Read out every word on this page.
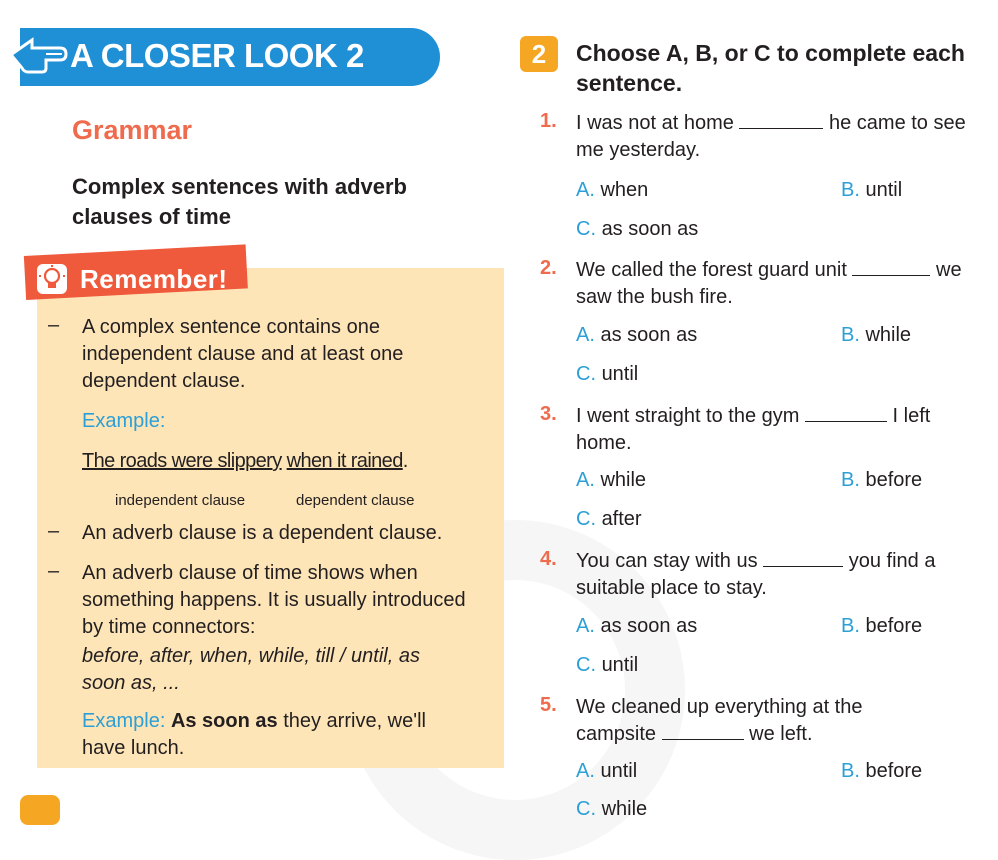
A CLOSER LOOK 2
Grammar
Complex sentences with adverb clauses of time
Remember!
– A complex sentence contains one independent clause and at least one dependent clause.
Example:
The roads were slippery when it rained.
independent clause	dependent clause
– An adverb clause is a dependent clause.
– An adverb clause of time shows when something happens. It is usually introduced by time connectors:
before, after, when, while, till / until, as soon as, ...
Example: As soon as they arrive, we'll have lunch.
2	Choose A, B, or C to complete each sentence.
1. I was not at home	he came to see me yesterday.
A. when	B. until
C. as soon as
2. We called the forest guard unit	we saw the bush fire.
A. as soon as	B. while
C. until
3. I went straight to the gym	I left home.
A. while	B. before
C. after
4. You can stay with us	you find a suitable place to stay.
A. as soon as	B. before
C. until
5. We cleaned up everything at the campsite	we left.
A. until	B. before
C. while
